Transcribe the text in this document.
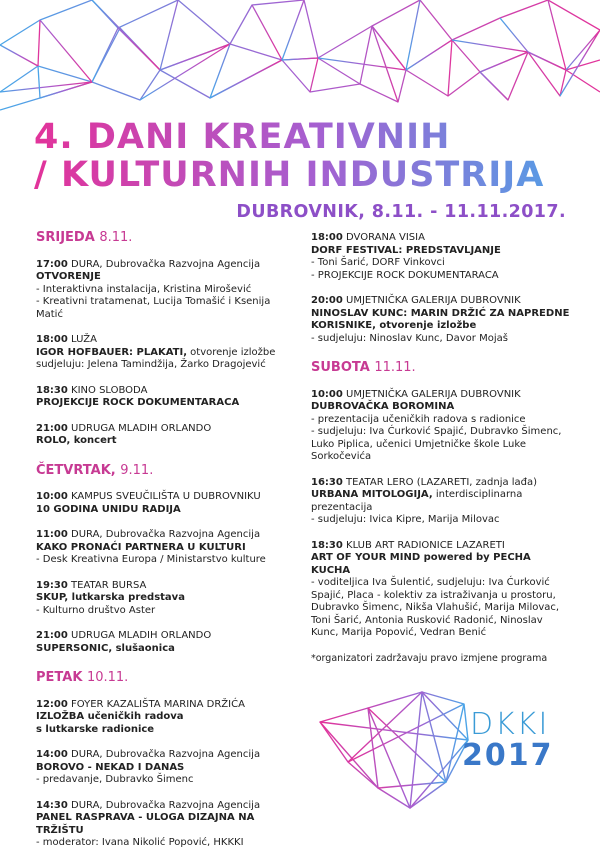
4. DANI KREATIVNIH
/ KULTURNIH INDUSTRIJA
DUBROVNIK, 8.11. - 11.11.2017.
SRIJEDA 8.11.
17:00 DURA, Dubrovačka Razvojna Agencija
OTVORENJE
- Interaktivna instalacija, Kristina Mirošević
- Kreativni tratamenat, Lucija Tomašić i Ksenija Matić
18:00 LUŽA
IGOR HOFBAUER: PLAKATI, otvorenje izložbe
sudjeluju: Jelena Tamindžija, Žarko Dragojević
18:30 KINO SLOBODA
PROJEKCIJE ROCK DOKUMENTARACA
21:00 UDRUGA MLADIH ORLANDO
ROLO, koncert
ČETVRTAK, 9.11.
10:00 KAMPUS SVEUČILIŠTA U DUBROVNIKU
10 GODINA UNIDU RADIJA
11:00 DURA, Dubrovačka Razvojna Agencija
KAKO PRONAĆI PARTNERA U KULTURI
- Desk Kreativna Europa / Ministarstvo kulture
19:30 TEATAR BURSA
SKUP, lutkarska predstava
- Kulturno društvo Aster
21:00 UDRUGA MLADIH ORLANDO
SUPERSONIC, slušaonica
PETAK 10.11.
12:00 FOYER KAZALIŠTA MARINA DRŽIĆA
IZLOŽBA učeničkih radova
s lutkarske radionice
14:00 DURA, Dubrovačka Razvojna Agencija
BOROVO - NEKAD I DANAS
- predavanje, Dubravko Šimenc
14:30 DURA, Dubrovačka Razvojna Agencija
PANEL RASPRAVA - ULOGA DIZAJNA NA TRŽIŠTU
- moderator: Ivana Nikolić Popović, HKKKI
18:00 DVORANA VISIA
DORF FESTIVAL: PREDSTAVLJANJE
- Toni Šarić, DORF Vinkovci
- PROJEKCIJE ROCK DOKUMENTARACA
20:00 UMJETNIČKA GALERIJA DUBROVNIK
NINOSLAV KUNC: MARIN DRŽIĆ ZA NAPREDNE
KORISNIKE, otvorenje izložbe
- sudjeluju: Ninoslav Kunc, Davor Mojaš
SUBOTA 11.11.
10:00 UMJETNIČKA GALERIJA DUBROVNIK
DUBROVAČKA BOROMINA
- prezentacija učeničkih radova s radionice
- sudjeluju: Iva Ćurković Spajić, Dubravko Šimenc,
Luko Piplica, učenici Umjetničke škole Luke
Sorkočevića
16:30 TEATAR LERO (LAZARETI, zadnja lađa)
URBANA MITOLOGIJA, interdisciplinarna
prezentacija
- sudjeluju: Ivica Kipre, Marija Milovac
18:30 KLUB ART RADIONICE LAZARETI
ART OF YOUR MIND powered by PECHA KUCHA
- voditeljica Iva Šulentić, sudjeluju: Iva Ćurković
Spajić, Placa - kolektiv za istraživanja u prostoru,
Dubravko Šimenc, Nikša Vlahušić, Marija Milovac,
Toni Šarić, Antonia Rusković Radonić, Ninoslav
Kunc, Marija Popović, Vedran Benić
*organizatori zadržavaju pravo izmjene programa
DKKI
2017
